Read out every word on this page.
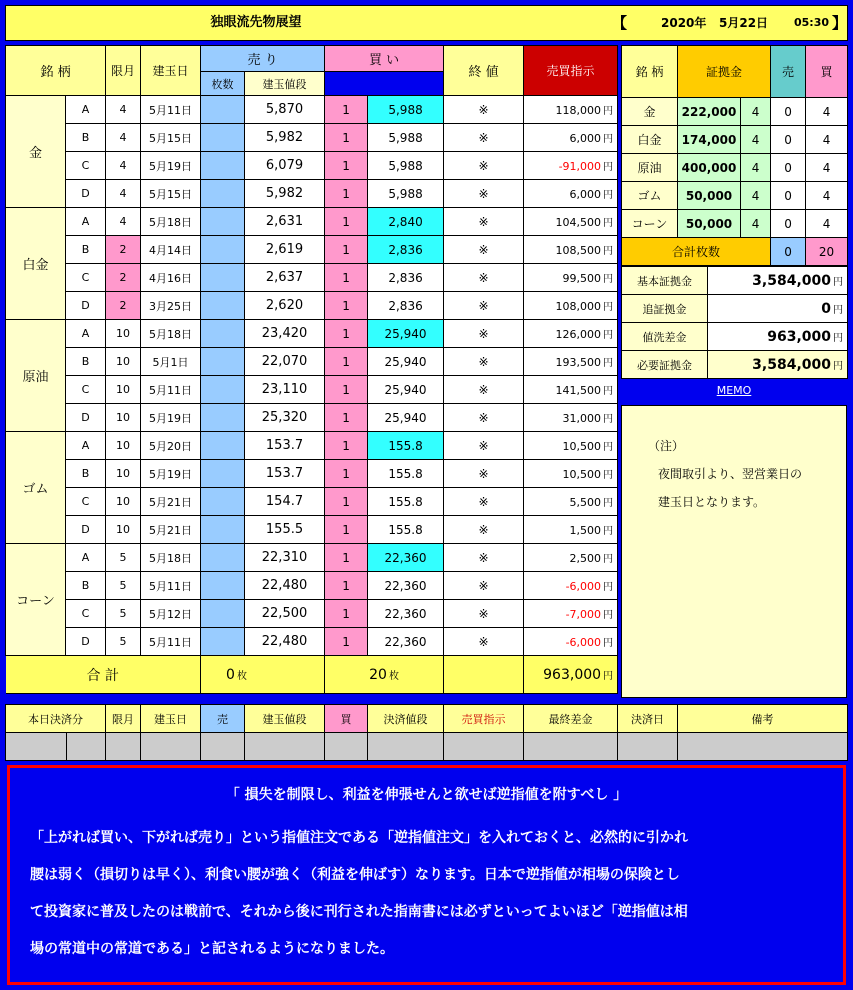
独眼流先物展望	【	2020年 5月22日 05:30 】
銘 柄		限月	建玉日	売 り		買 い		終 値	売買指示	
				枚数	建玉値段					
金	A	4	5月11日		5,870	1	5,988	※	118,000 円	
	B	4	5月15日		5,982	1	5,988	※	6,000 円	
	C	4	5月19日		6,079	1	5,988	※	-91,000 円	
	D	4	5月15日		5,982	1	5,988	※	6,000 円	
白金	A	4	5月18日		2,631	1	2,840	※	104,500 円	
	B	2	4月14日		2,619	1	2,836	※	108,500 円	
	C	2	4月16日		2,637	1	2,836	※	99,500 円	
	D	2	3月25日		2,620	1	2,836	※	108,000 円	
原油	A	10	5月18日		23,420	1	25,940	※	126,000 円	
	B	10	5月1日		22,070	1	25,940	※	193,500 円	
	C	10	5月11日		23,110	1	25,940	※	141,500 円	
	D	10	5月19日		25,320	1	25,940	※	31,000 円	
ゴム	A	10	5月20日		153.7	1	155.8	※	10,500 円	
	B	10	5月19日		153.7	1	155.8	※	10,500 円	
	C	10	5月21日		154.7	1	155.8	※	5,500 円	
	D	10	5月21日		155.5	1	155.8	※	1,500 円	
コーン	A	5	5月18日		22,310	1	22,360	※	2,500 円	
	B	5	5月11日		22,480	1	22,360	※	-6,000 円	
	C	5	5月12日		22,500	1	22,360	※	-7,000 円	
	D	5	5月11日		22,480	1	22,360	※	-6,000 円	
合 計				0 枚		20 枚			963,000 円	
銘 柄	証拠金		売	買
金	222,000	4	0	4
白金	174,000	4	0	4
原油	400,000	4	0	4
ゴム	50,000	4	0	4
コーン	50,000	4	0	4
合計枚数			0	20
基本証拠金	3,584,000 円
追証拠金	0 円
値洗差金	963,000 円
必要証拠金	3,584,000 円
MEMO

（注）

夜間取引より、翌営業日の

建玉日となります。

本日決済分		限月	建玉日	売	建玉値段	買	決済値段	売買指示	最終差金	決済日	備考

「 損失を制限し、利益を伸張せんと欲せば逆指値を附すべし 」
「上がれば買い、下がれば売り」という指値注文である「逆指値注文」を入れておくと、必然的に引かれ
腰は弱く（損切りは早く）、利食い腰が強く（利益を伸ばす）なります。日本で逆指値が相場の保険とし
て投資家に普及したのは戦前で、それから後に刊行された指南書には必ずといってよいほど「逆指値は相
場の常道中の常道である」と記されるようになりました。
